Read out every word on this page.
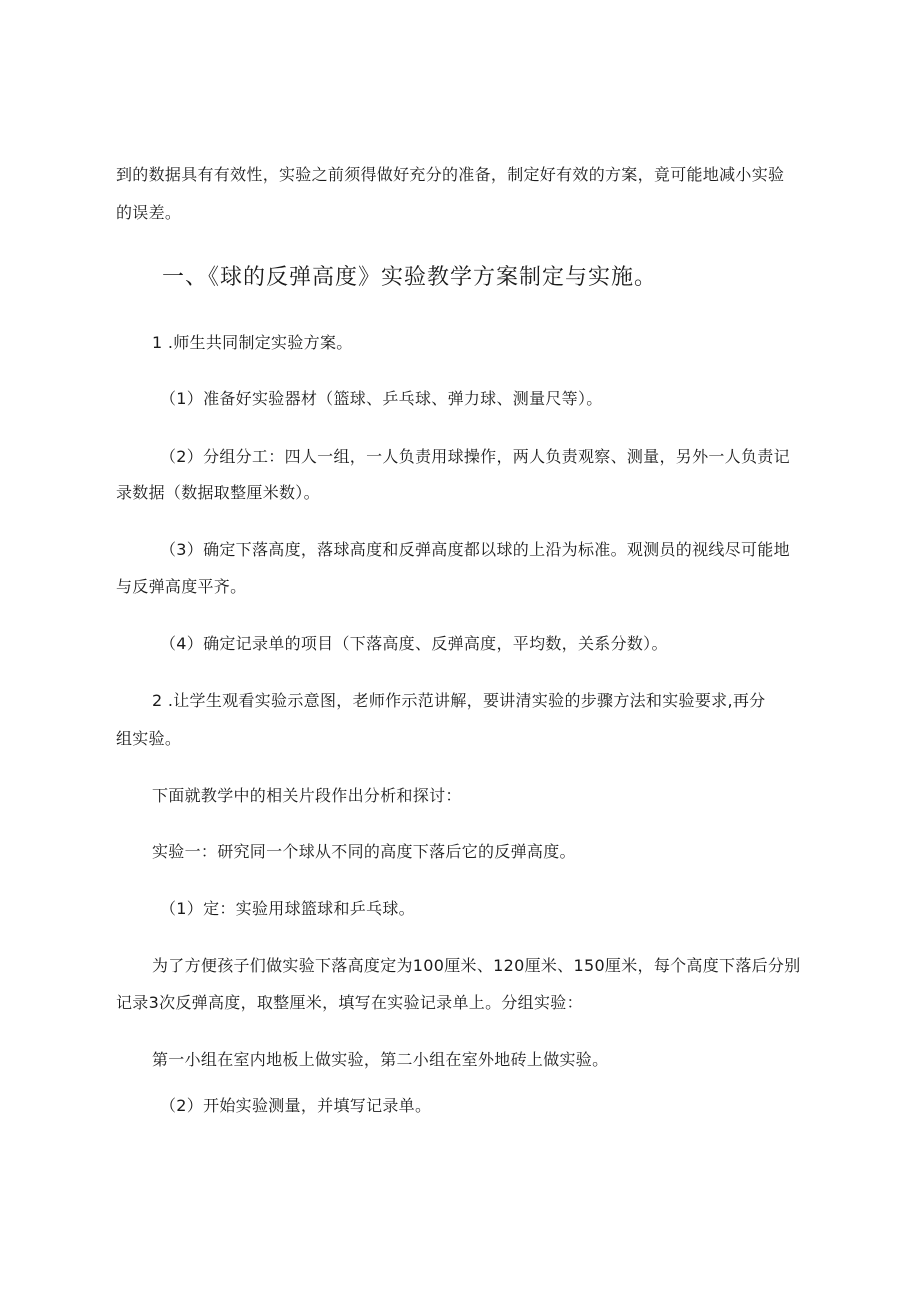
到的数据具有有效性，实验之前须得做好充分的准备，制定好有效的方案，竟可能地减小实验
的误差。
一、《球的反弹高度》实验教学方案制定与实施。
1 .师生共同制定实验方案。
（1）准备好实验器材（篮球、乒乓球、弹力球、测量尺等）。
（2）分组分工：四人一组，一人负责用球操作，两人负责观察、测量，另外一人负责记
录数据（数据取整厘米数）。
（3）确定下落高度，落球高度和反弹高度都以球的上沿为标准。观测员的视线尽可能地
与反弹高度平齐。
（4）确定记录单的项目（下落高度、反弹高度，平均数，关系分数）。
2 .让学生观看实验示意图，老师作示范讲解，要讲清实验的步骤方法和实验要求,再分
组实验。
下面就教学中的相关片段作出分析和探讨：
实验一：研究同一个球从不同的高度下落后它的反弹高度。
（1）定：实验用球篮球和乒乓球。
为了方便孩子们做实验下落高度定为100厘米、120厘米、150厘米，每个高度下落后分别
记录3次反弹高度，取整厘米，填写在实验记录单上。分组实验：
第一小组在室内地板上做实验，第二小组在室外地砖上做实验。
（2）开始实验测量，并填写记录单。
